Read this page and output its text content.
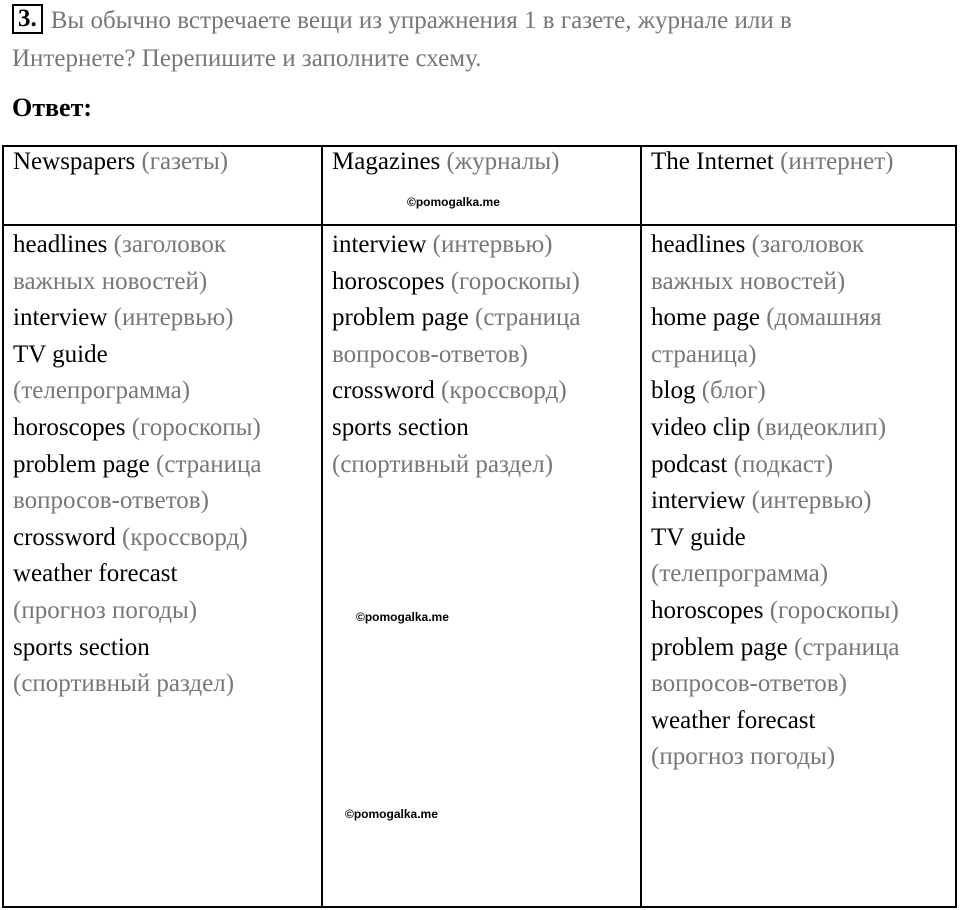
3. Вы обычно встречаете вещи из упражнения 1 в газете, журнале или в
Интернете? Перепишите и заполните схему.
Ответ:
Newspapers (газеты)	Magazines (журналы)	The Internet (интернет)
headlines (заголовок
важных новостей)
interview (интервью)
TV guide
(телепрограмма)
horoscopes (гороскопы)
problem page (страница
вопросов-ответов)
crossword (кроссворд)
weather forecast
(прогноз погоды)
sports section
(спортивный раздел)
interview (интервью)
horoscopes (гороскопы)
problem page (страница
вопросов-ответов)
crossword (кроссворд)
sports section
(спортивный раздел)
headlines (заголовок
важных новостей)
home page (домашняя
страница)
blog (блог)
video clip (видеоклип)
podcast (подкаст)
interview (интервью)
TV guide
(телепрограмма)
horoscopes (гороскопы)
problem page (страница
вопросов-ответов)
weather forecast
(прогноз погоды)
©pomogalka.me
©pomogalka.me
©pomogalka.me
